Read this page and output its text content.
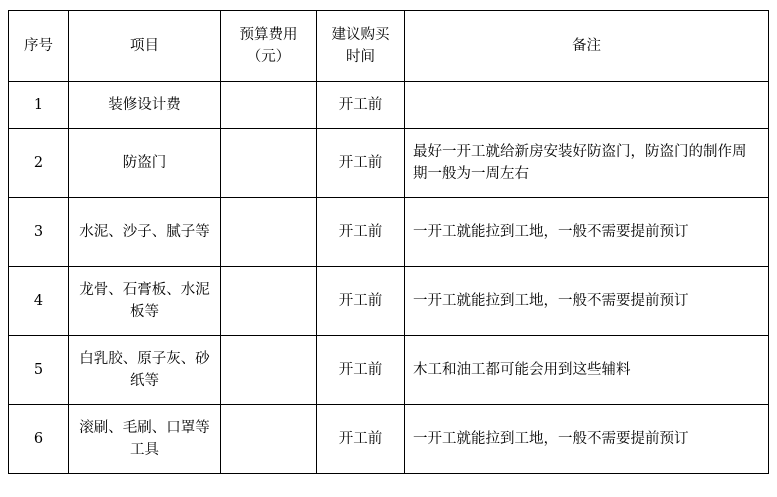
序号	项目	预算费用（元）	建议购买时间	备注
1	装修设计费		开工前	
2	防盗门		开工前	最好一开工就给新房安装好防盗门，防盗门的制作周期一般为一周左右
3	水泥、沙子、腻子等		开工前	一开工就能拉到工地，一般不需要提前预订
4	龙骨、石膏板、水泥板等		开工前	一开工就能拉到工地，一般不需要提前预订
5	白乳胶、原子灰、砂纸等		开工前	木工和油工都可能会用到这些辅料
6	滚刷、毛刷、口罩等工具		开工前	一开工就能拉到工地，一般不需要提前预订
